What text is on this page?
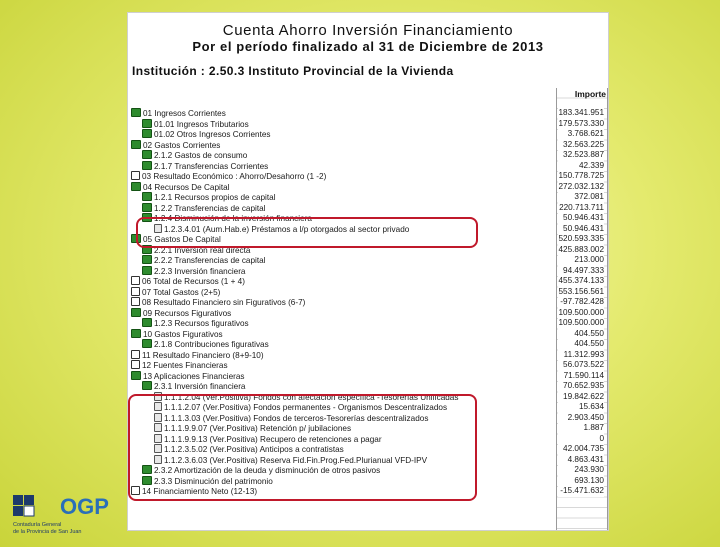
Cuenta Ahorro Inversión Financiamiento
Por el período finalizado al 31 de Diciembre de 2013
Institución : 2.50.3 Instituto Provincial de la Vivienda
Importe
01 Ingresos Corrientes	183.341.951
01.01 Ingresos Tributarios	179.573.330
01.02 Otros Ingresos Corrientes	3.768.621
02 Gastos Corrientes	32.563.225
2.1.2 Gastos de consumo	32.523.887
2.1.7 Transferencias Corrientes	42.339
03 Resultado Económico : Ahorro/Desahorro (1 -2)	150.778.725
04 Recursos De Capital	272.032.132
1.2.1 Recursos propios de capital	372.081
1.2.2 Transferencias de capital	220.713.711
1.2.4 Disminución de la inversión financiera	50.946.431
1.2.3.4.01 (Aum.Hab.e) Préstamos a l/p otorgados al sector privado	50.946.431
05 Gastos De Capital	520.593.335
2.2.1 Inversión real directa	425.883.002
2.2.2 Transferencias de capital	213.000
2.2.3 Inversión financiera	94.497.333
06 Total de Recursos (1 + 4)	455.374.133
07 Total Gastos (2+5)	553.156.561
08 Resultado Financiero sin Figurativos (6-7)	-97.782.428
09 Recursos Figurativos	109.500.000
1.2.3 Recursos figurativos	109.500.000
10 Gastos Figurativos	404.550
2.1.8 Contribuciones figurativas	404.550
11 Resultado Financiero (8+9-10)	11.312.993
12 Fuentes Financieras	56.073.522
13 Aplicaciones Financieras	71.590.114
2.3.1 Inversión financiera	70.652.935
1.1.1.2.04 (Ver.Positiva) Fondos con afectación específica -Tesorerías Unificadas	19.842.622
1.1.1.2.07 (Ver.Positiva) Fondos permanentes - Organismos Descentralizados	15.634
1.1.1.3.03 (Ver.Positiva) Fondos de terceros-Tesorerías descentralizados	2.903.450
1.1.1.9.9.07 (Ver.Positiva) Retención p/ jubilaciones	1.887
1.1.1.9.9.13 (Ver.Positiva) Recupero de retenciones a pagar	0
1.1.2.3.5.02 (Ver.Positiva) Anticipos a contratistas	42.004.735
1.1.2.3.6.03 (Ver.Positiva) Reserva Fid.Fin.Prog.Fed.Plurianual VFD-IPV	4.863.431
2.3.2 Amortización de la deuda y disminución de otros pasivos	243.930
2.3.3 Disminución del patrimonio	693.130
14 Financiamiento Neto (12-13)	-15.471.632
OGP
Contaduría General
de la Provincia de San Juan
